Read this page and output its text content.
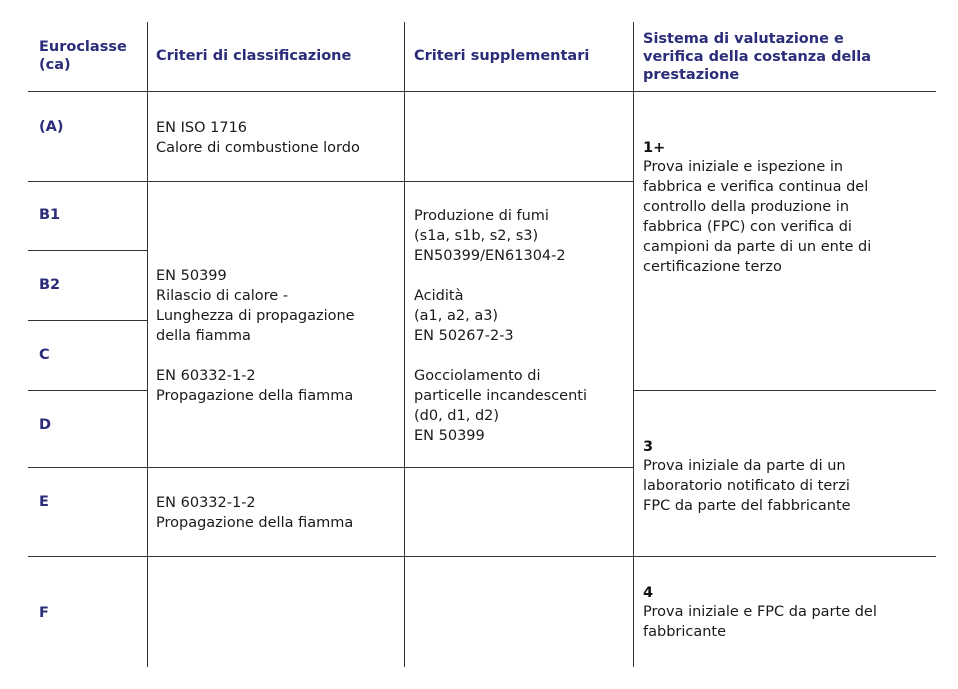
Euroclasse
(ca)
Criteri di classificazione	Criteri supplementari
Sistema di valutazione e
verifica della costanza della
prestazione
(A)
B1
B2
C
D
E
F
EN ISO 1716
Calore di combustione lordo
EN 50399
Rilascio di calore -
Lunghezza di propagazione
della fiamma

EN 60332-1-2
Propagazione della fiamma
EN 60332-1-2
Propagazione della fiamma
Produzione di fumi
(s1a, s1b, s2, s3)
EN50399/EN61304-2

Acidità
(a1, a2, a3)
EN 50267-2-3

Gocciolamento di
particelle incandescenti
(d0, d1, d2)
EN 50399
1+
Prova iniziale e ispezione in
fabbrica e verifica continua del
controllo della produzione in
fabbrica (FPC) con verifica di
campioni da parte di un ente di
certificazione terzo
3
Prova iniziale da parte di un
laboratorio notificato di terzi
FPC da parte del fabbricante
4
Prova iniziale e FPC da parte del
fabbricante
